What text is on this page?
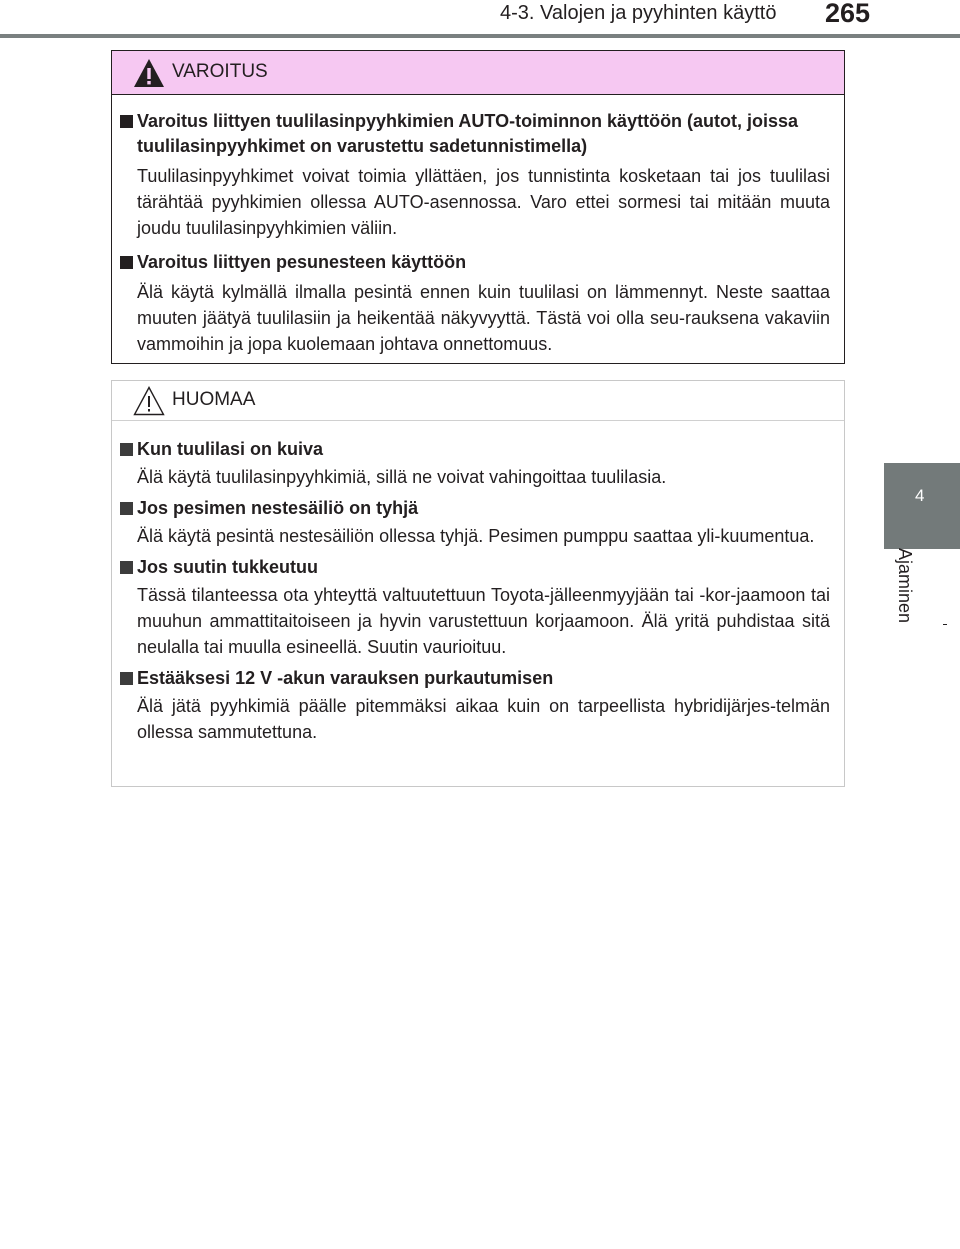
4-3. Valojen ja pyyhinten käyttö 265
4
Ajaminen
VAROITUS
Varoitus liittyen tuulilasinpyyhkimien AUTO-toiminnon käyttöön (autot, joissa tuulilasinpyyhkimet on varustettu sadetunnistimella)
Tuulilasinpyyhkimet voivat toimia yllättäen, jos tunnistinta kosketaan tai jos tuulilasi tärähtää pyyhkimien ollessa AUTO-asennossa. Varo ettei sormesi tai mitään muuta joudu tuulilasinpyyhkimien väliin.
Varoitus liittyen pesunesteen käyttöön
Älä käytä kylmällä ilmalla pesintä ennen kuin tuulilasi on lämmennyt. Neste saattaa muuten jäätyä tuulilasiin ja heikentää näkyvyyttä. Tästä voi olla seu-rauksena vakaviin vammoihin ja jopa kuolemaan johtava onnettomuus.
HUOMAA
Kun tuulilasi on kuiva
Älä käytä tuulilasinpyyhkimiä, sillä ne voivat vahingoittaa tuulilasia.
Jos pesimen nestesäiliö on tyhjä
Älä käytä pesintä nestesäiliön ollessa tyhjä. Pesimen pumppu saattaa yli-kuumentua.
Jos suutin tukkeutuu
Tässä tilanteessa ota yhteyttä valtuutettuun Toyota-jälleenmyyjään tai -kor-jaamoon tai muuhun ammattitaitoiseen ja hyvin varustettuun korjaamoon. Älä yritä puhdistaa sitä neulalla tai muulla esineellä. Suutin vaurioituu.
Estääksesi 12 V -akun varauksen purkautumisen
Älä jätä pyyhkimiä päälle pitemmäksi aikaa kuin on tarpeellista hybridijärjes-telmän ollessa sammutettuna.
